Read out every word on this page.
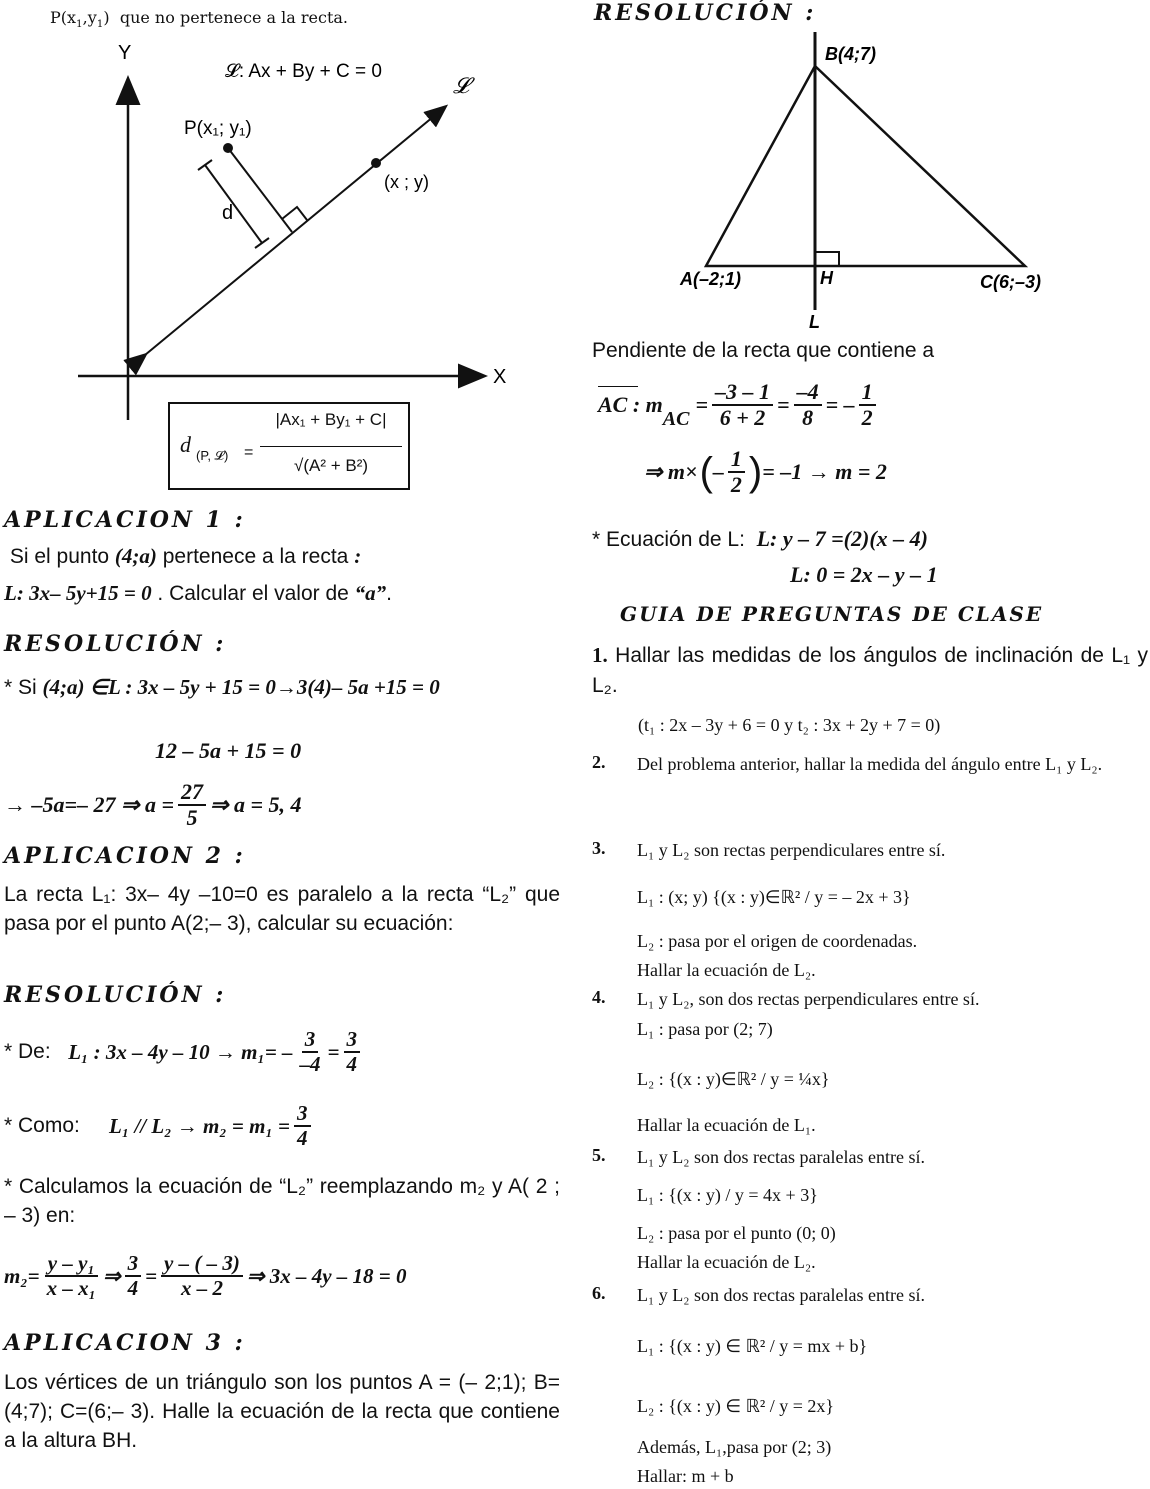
$P(x_1,y_1)$ que no pertenece a la recta.
d
Y
X
𝓛: Ax + By + C = 0
𝓛
P(x₁; y₁)
(x ; y)
d (P, 𝓛) =
|Ax₁ + By₁ + C|
√(A² + B²)
APLICACION 1 :
Si el punto (4;a) pertenece a la recta :
L: 3x– 5y+15 = 0 . Calcular el valor de “a”.
RESOLUCIÓN :
* Si (4;a) ∈L : 3x – 5y + 15 = 0→3(4)– 5a +15 = 0
12 – 5a + 15 = 0
→ –5a=– 27 ⇒ $a = \frac{27}{5}$ ⇒ a = 5, 4
APLICACION 2 :
La recta L₁: 3x– 4y –10=0 es paralelo a la recta “L₂” que pasa por el punto A(2;– 3), calcular su ecuación:
RESOLUCIÓN :
* De:
L₁ : $3x - 4y - 10 \to m_1= - \frac{3}{-4} = \frac{3}{4}$
* Como:
$L_1 // L_2 \to m_2 = m_1 = \frac{3}{4}$
* Calculamos la ecuación de “L₂” reemplazando m₂ y A( 2 ; – 3) en:
$m_2= \frac{\text{y – y₁}}{\text{x – x₁}}$ ⇒ $\frac{3}{4} = \frac{y - ( - 3)}{x - 2}$ ⇒ 3x – 4y – 18 = 0
APLICACION 3 :
Los vértices de un triángulo son los puntos A = (– 2;1); B=(4;7); C=(6;– 3). Halle la ecuación de la recta que contiene a la altura BH.
RESOLUCIÓN :
B(4;7)
A(–2;1)	C(6;–3)
H
L
Pendiente de la recta que contiene a
AC : m
AC
= $\frac{-3 - 1}{6 + 2} = \frac{-4}{8}$ = – $\frac{1}{2}$
⇒ m× ( – $\frac{1}{2}$ ) = –1 → m = 2
* Ecuación de L: L: y – 7 =(2)(x – 4)
L: 0 = 2x – y – 1
GUIA DE PREGUNTAS DE CLASE
1. Hallar las medidas de los ángulos de inclinación de L₁ y L₂.
(t₁ : 2x – 3y + 6 = 0 y t₂ : 3x + 2y + 7 = 0)
2. Del problema anterior, hallar la medida del ángulo entre L₁ y L₂.
3. L₁ y L₂ son rectas perpendiculares entre sí.
L₁ : (x; y) {(x : y)∈ℝ² / y = – 2x + 3}
L₂ : pasa por el origen de coordenadas.
Hallar la ecuación de L₂.
4. L₁ y L₂, son dos rectas perpendiculares entre sí.
L₁ : pasa por (2; 7)
L₂ : {(x : y)∈ℝ² / y = ¼x}
Hallar la ecuación de L₁.
5. L₁ y L₂ son dos rectas paralelas entre sí.
L₁ : {(x : y) / y = 4x + 3}
L₂ : pasa por el punto (0; 0)
Hallar la ecuación de L₂.
6. L₁ y L₂ son dos rectas paralelas entre sí.
L₁ : {(x : y) ∈ ℝ² / y = mx + b}
L₂ : {(x : y) ∈ ℝ² / y = 2x}
Además, L₁,pasa por (2; 3)
Hallar: m + b
